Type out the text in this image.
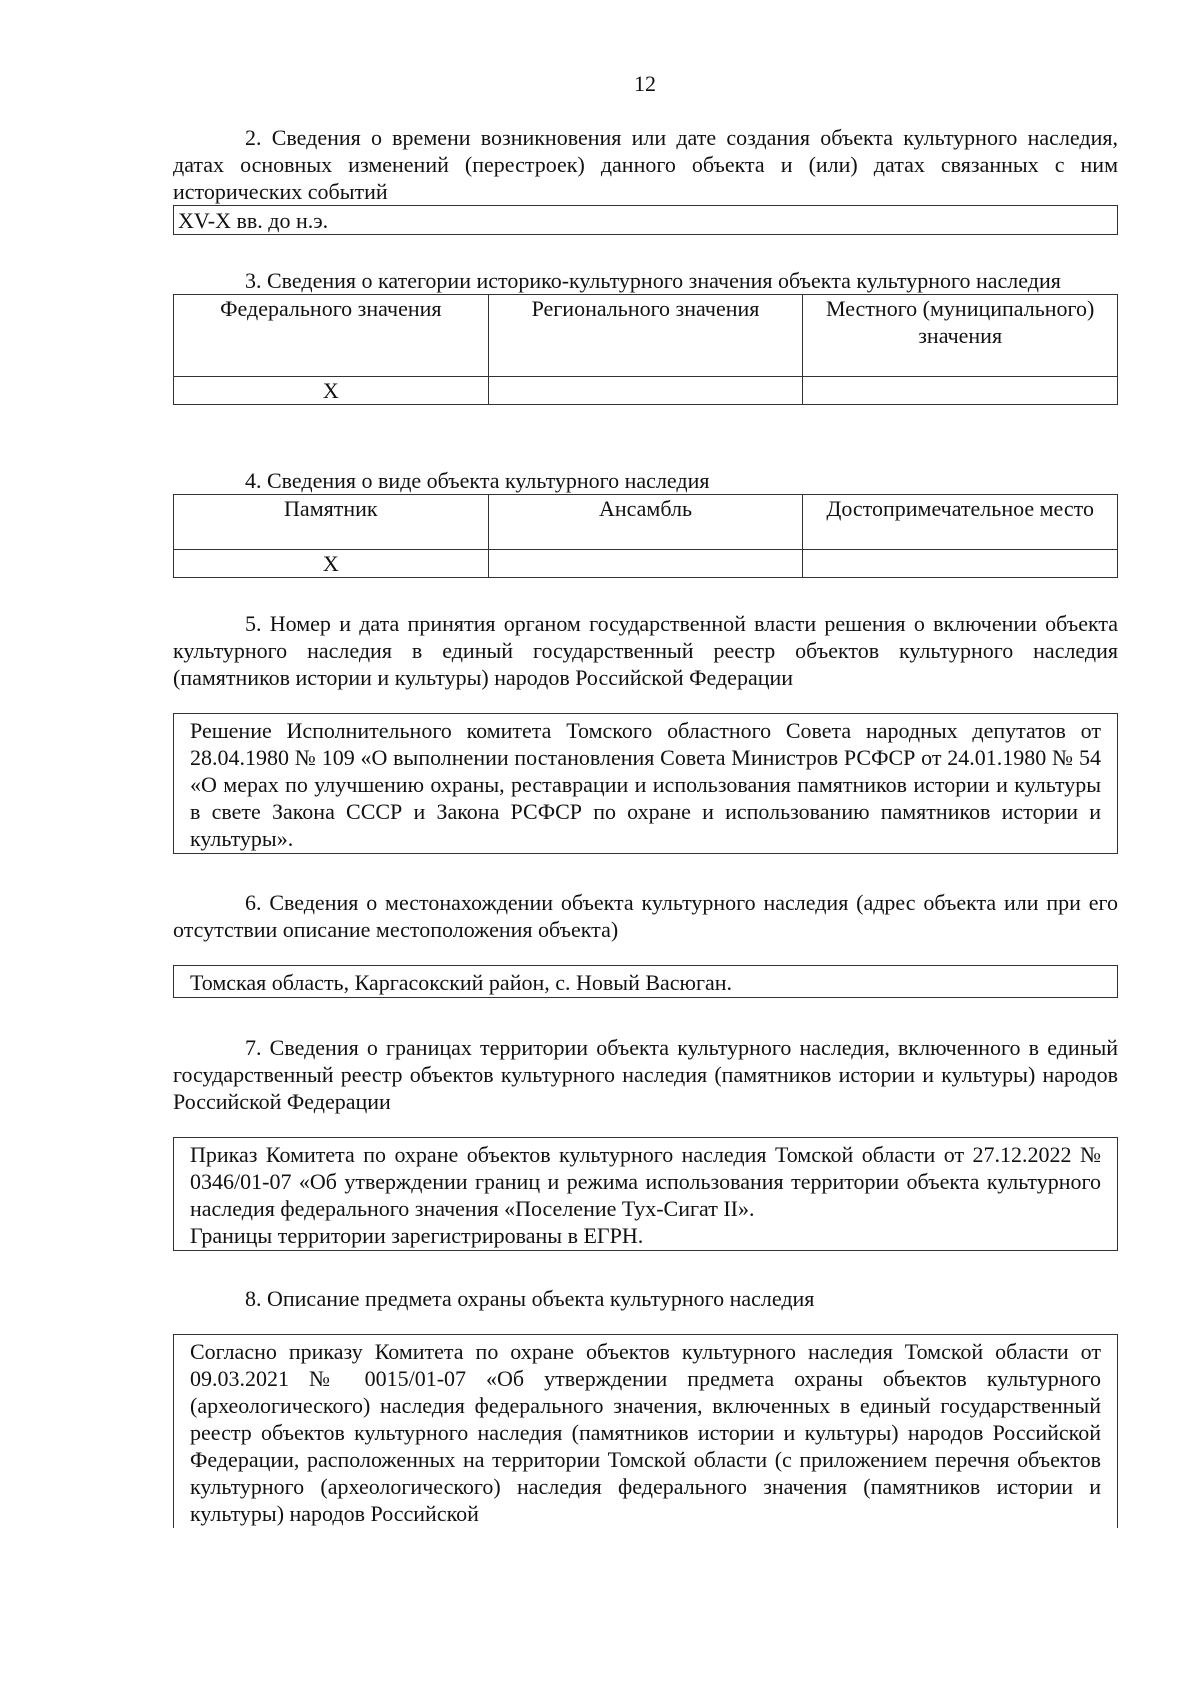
12

2. Сведения о времени возникновения или дате создания объекта культурного наследия, датах основных изменений (перестроек) данного объекта и (или) датах связанных с ним исторических событий

XV-X вв. до н.э.

3. Сведения о категории историко-культурного значения объекта культурного наследия

Федерального значения	Регионального значения	Местного (муниципального) значения
X		

4. Сведения о виде объекта культурного наследия

Памятник	Ансамбль	Достопримечательное место
X		

5. Номер и дата принятия органом государственной власти решения о включении объекта культурного наследия в единый государственный реестр объектов культурного наследия (памятников истории и культуры) народов Российской Федерации

Решение Исполнительного комитета Томского областного Совета народных депутатов от 28.04.1980 № 109 «О выполнении постановления Совета Министров РСФСР от 24.01.1980 № 54 «О мерах по улучшению охраны, реставрации и использования памятников истории и культуры в свете Закона СССР и Закона РСФСР по охране и использованию памятников истории и культуры».

6. Сведения о местонахождении объекта культурного наследия (адрес объекта или при его отсутствии описание местоположения объекта)

Томская область, Каргасокский район, с. Новый Васюган.

7. Сведения о границах территории объекта культурного наследия, включенного в единый государственный реестр объектов культурного наследия (памятников истории и культуры) народов Российской Федерации

Приказ Комитета по охране объектов культурного наследия Томской области от 27.12.2022 № 0346/01-07 «Об утверждении границ и режима использования территории объекта культурного наследия федерального значения «Поселение Тух-Сигат II».
Границы территории зарегистрированы в ЕГРН.

8. Описание предмета охраны объекта культурного наследия

Согласно приказу Комитета по охране объектов культурного наследия Томской области от 09.03.2021 № 0015/01-07 «Об утверждении предмета охраны объектов культурного (археологического) наследия федерального значения, включенных в единый государственный реестр объектов культурного наследия (памятников истории и культуры) народов Российской Федерации, расположенных на территории Томской области (с приложением перечня объектов культурного (археологического) наследия федерального значения (памятников истории и культуры) народов Российской
